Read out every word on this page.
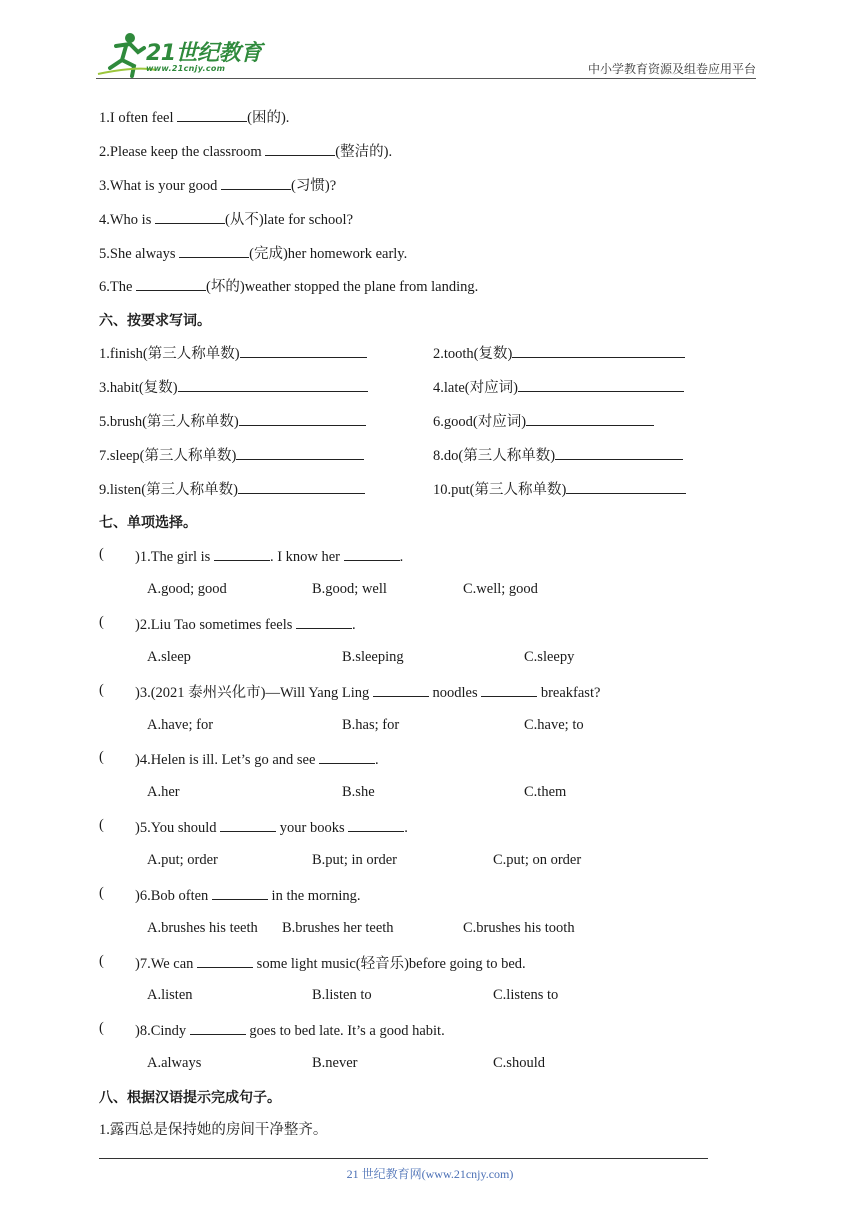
21世纪教育
www.21cnjy.com	中小学教育资源及组卷应用平台
1.I often feel	(困的).
2.Please keep the classroom	(整洁的).
3.What is your good	(习惯)?
4.Who is	(从不)late for school?
5.She always	(完成)her homework early.
6.The	(坏的)weather stopped the plane from landing.
六、按要求写词。
1.finish(第三人称单数)	2.tooth(复数)
3.habit(复数)	4.late(对应词)
5.brush(第三人称单数)	6.good(对应词)
7.sleep(第三人称单数)	8.do(第三人称单数)
9.listen(第三人称单数)	10.put(第三人称单数)
七、单项选择。
( )1.The girl is	. I know her	.
A.good; good	B.good; well	C.well; good
( )2.Liu Tao sometimes feels	.
A.sleep	B.sleeping	C.sleepy
( )3.(2021 泰州兴化市)—Will Yang Ling	noodles	breakfast?
A.have; for	B.has; for	C.have; to
( )4.Helen is ill. Let’s go and see	.
A.her	B.she	C.them
( )5.You should	your books	.
A.put; order	B.put; in order	C.put; on order
( )6.Bob often	in the morning.
A.brushes his teeth B.brushes her teeth	C.brushes his tooth
( )7.We can	some light music(轻音乐)before going to bed.
A.listen	B.listen to	C.listens to
( )8.Cindy	goes to bed late. It’s a good habit.
A.always	B.never	C.should
八、根据汉语提示完成句子。
1.露西总是保持她的房间干净整齐。
21 世纪教育网(www.21cnjy.com)
